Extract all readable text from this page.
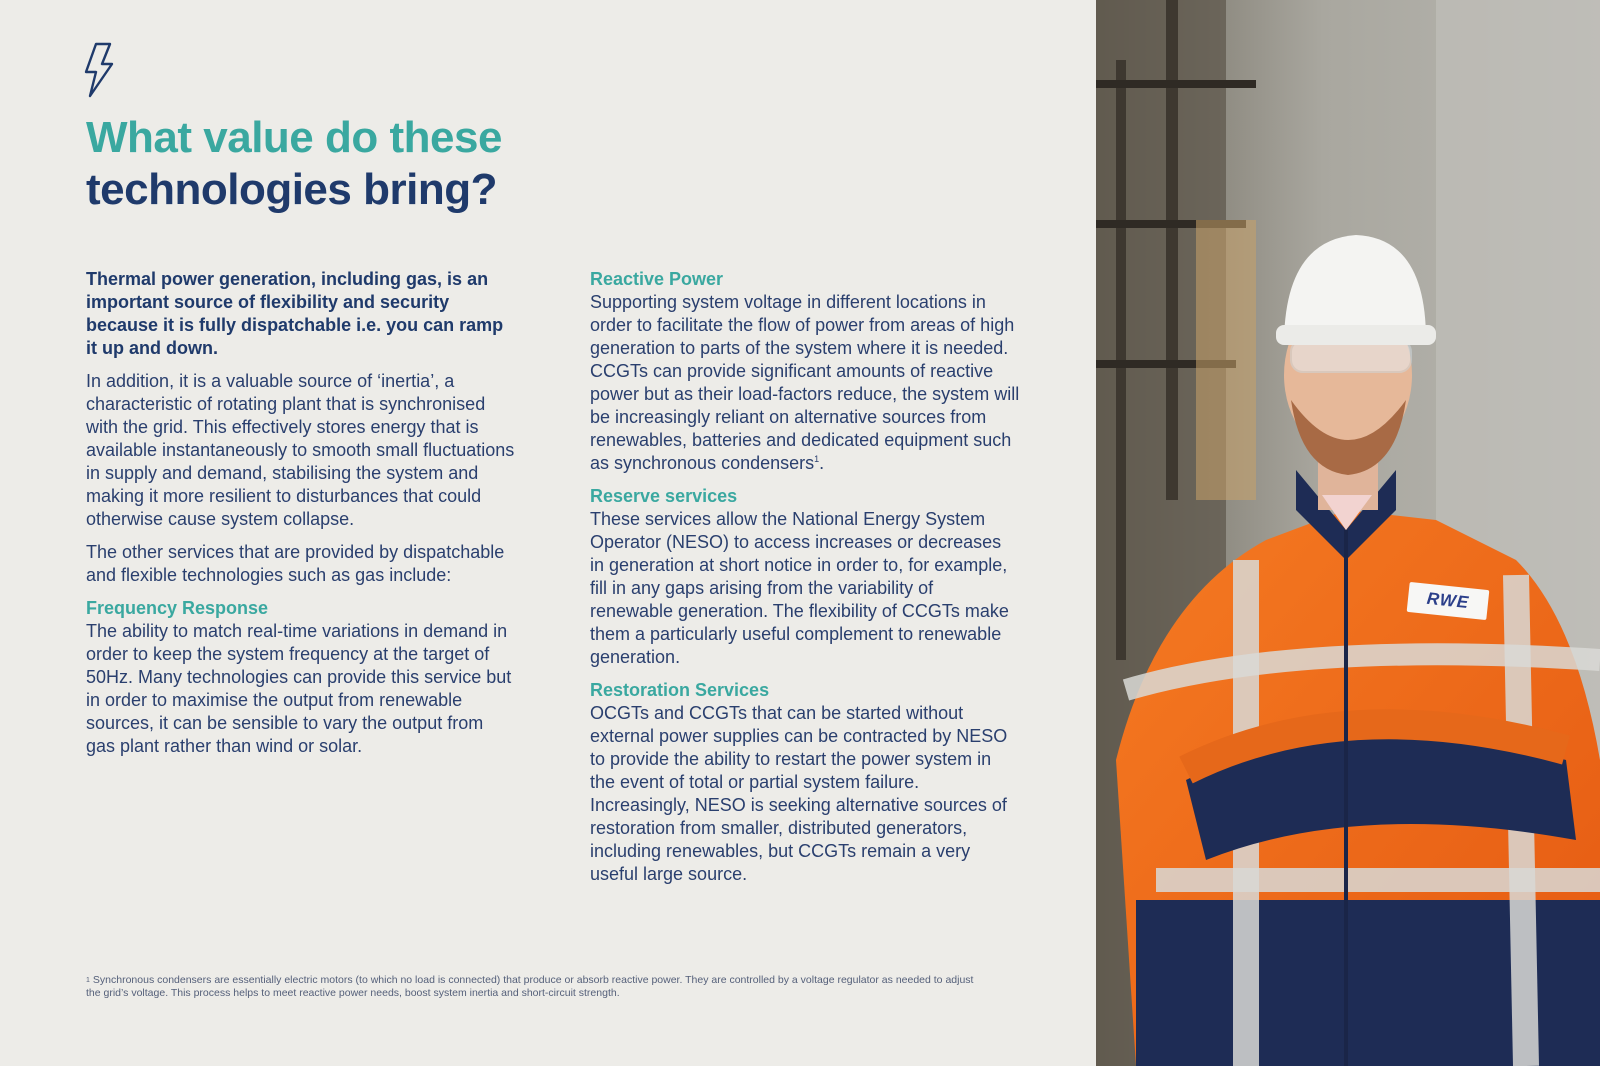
What value do these
technologies bring?

Thermal power generation, including gas, is an important source of flexibility and security because it is fully dispatchable i.e. you can ramp it up and down.

In addition, it is a valuable source of ‘inertia’, a characteristic of rotating plant that is synchronised with the grid. This effectively stores energy that is available instantaneously to smooth small fluctuations in supply and demand, stabilising the system and making it more resilient to disturbances that could otherwise cause system collapse.

The other services that are provided by dispatchable and flexible technologies such as gas include:

Frequency Response

The ability to match real-time variations in demand in order to keep the system frequency at the target of 50Hz. Many technologies can provide this service but in order to maximise the output from renewable sources, it can be sensible to vary the output from gas plant rather than wind or solar.

Reactive Power

Supporting system voltage in different locations in order to facilitate the flow of power from areas of high generation to parts of the system where it is needed. CCGTs can provide significant amounts of reactive power but as their load-factors reduce, the system will be increasingly reliant on alternative sources from renewables, batteries and dedicated equipment such as synchronous condensers$^1$.

Reserve services

These services allow the National Energy System Operator (NESO) to access increases or decreases in generation at short notice in order to, for example, fill in any gaps arising from the variability of renewable generation. The flexibility of CCGTs make them a particularly useful complement to renewable generation.

Restoration Services

OCGTs and CCGTs that can be started without external power supplies can be contracted by NESO to provide the ability to restart the power system in the event of total or partial system failure. Increasingly, NESO is seeking alternative sources of restoration from smaller, distributed generators, including renewables, but CCGTs remain a very useful large source.

$^1$ Synchronous condensers are essentially electric motors (to which no load is connected) that produce or absorb reactive power. They are controlled by a voltage regulator as needed to adjust the grid’s voltage. This process helps to meet reactive power needs, boost system inertia and short-circuit strength.

RWE
